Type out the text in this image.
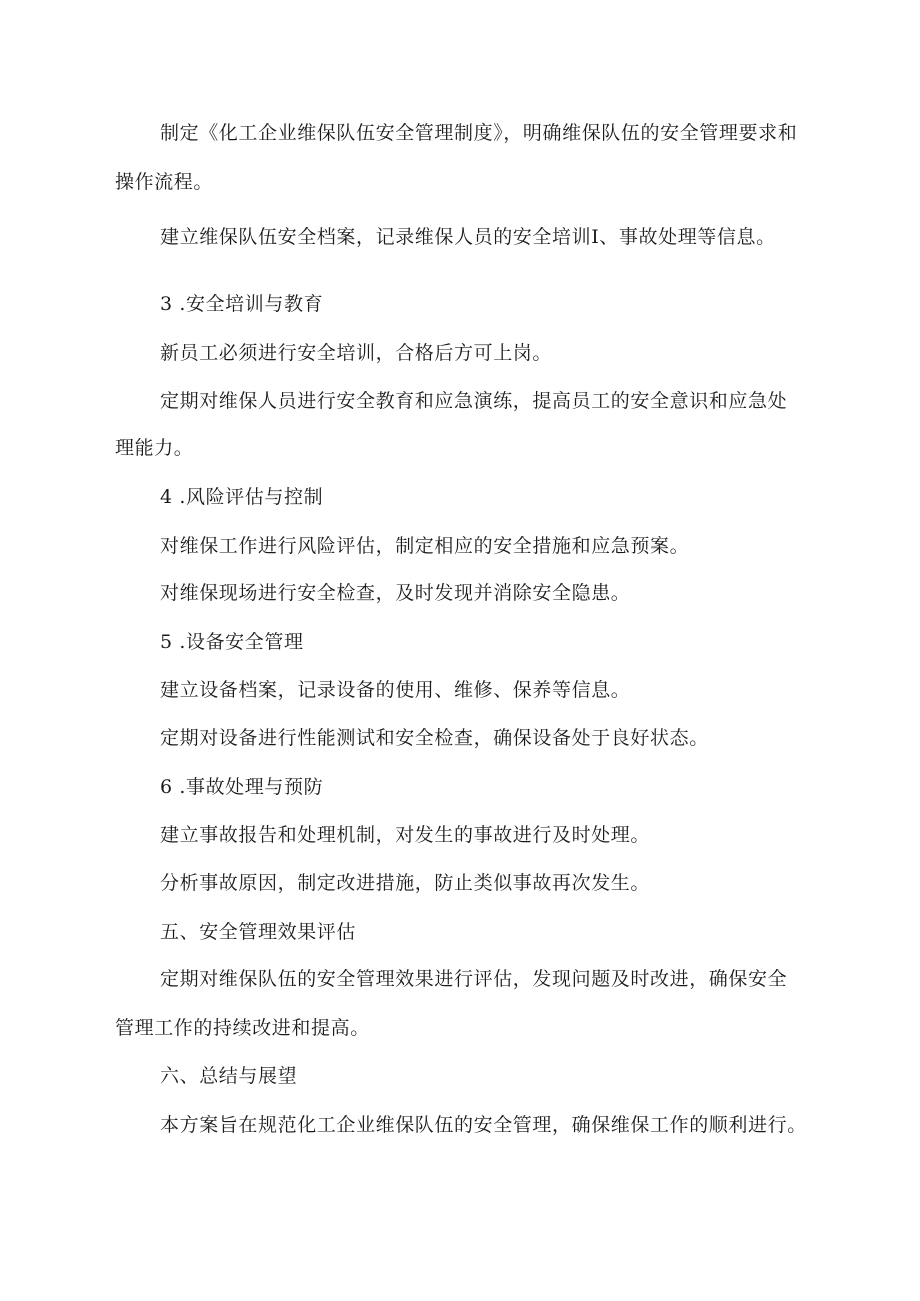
制定《化工企业维保队伍安全管理制度》，明确维保队伍的安全管理要求和
操作流程。
建立维保队伍安全档案，记录维保人员的安全培训I、事故处理等信息。
3 .安全培训与教育
新员工必须进行安全培训，合格后方可上岗。
定期对维保人员进行安全教育和应急演练，提高员工的安全意识和应急处
理能力。
4 .风险评估与控制
对维保工作进行风险评估，制定相应的安全措施和应急预案。
对维保现场进行安全检查，及时发现并消除安全隐患。
5 .设备安全管理
建立设备档案，记录设备的使用、维修、保养等信息。
定期对设备进行性能测试和安全检查，确保设备处于良好状态。
6 .事故处理与预防
建立事故报告和处理机制，对发生的事故进行及时处理。
分析事故原因，制定改进措施，防止类似事故再次发生。
五、安全管理效果评估
定期对维保队伍的安全管理效果进行评估，发现问题及时改进，确保安全
管理工作的持续改进和提高。
六、总结与展望
本方案旨在规范化工企业维保队伍的安全管理，确保维保工作的顺利进行。
